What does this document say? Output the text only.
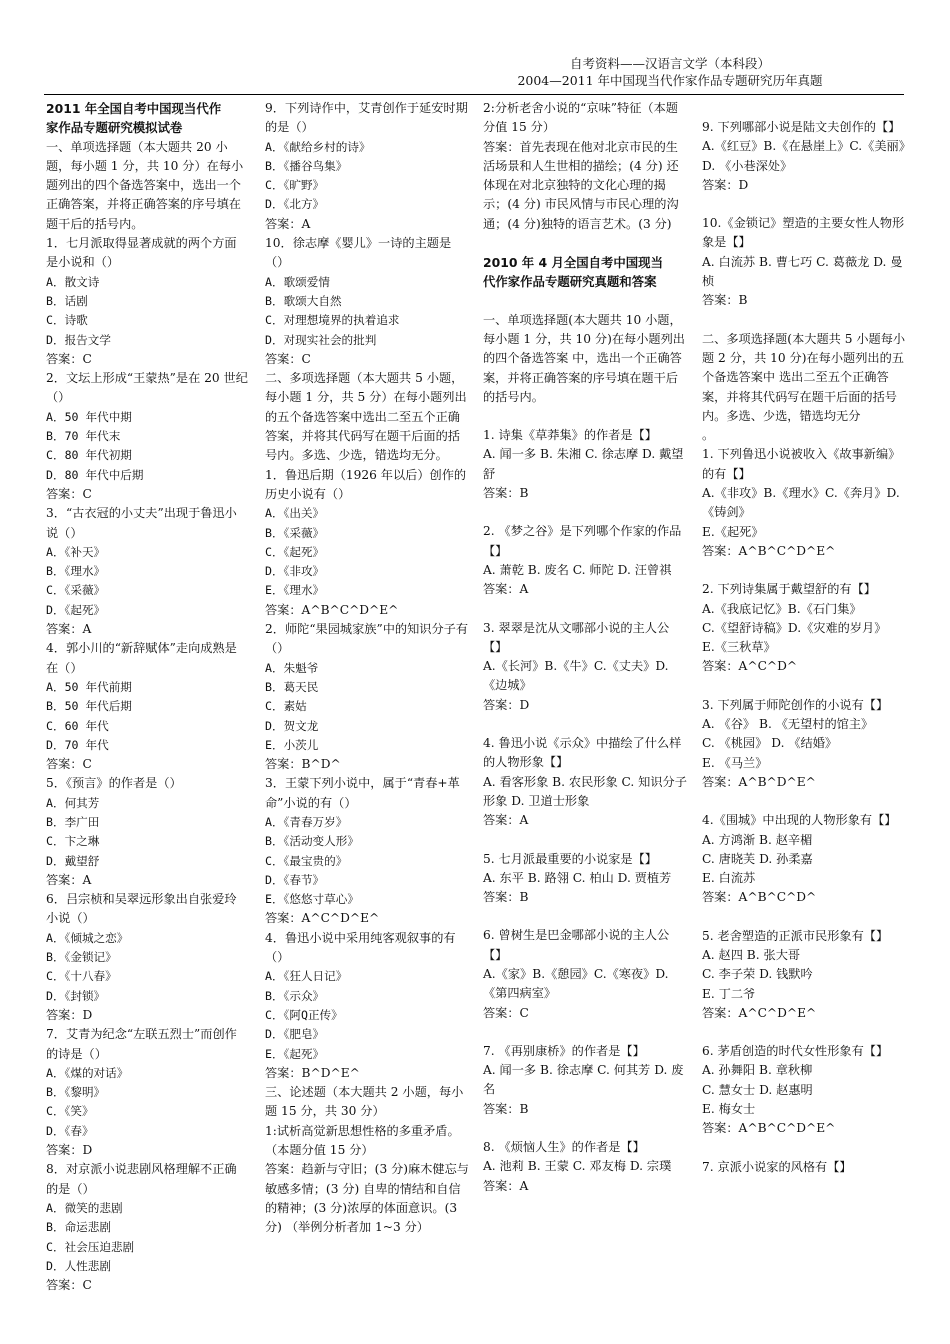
自考资料——汉语言文学（本科段）
2004—2011 年中国现当代作家作品专题研究历年真题

2011 年全国自考中国现当代作

家作品专题研究模拟试卷

一、单项选择题（本大题共 20 小题，每小题 1 分，共 10 分）在每小题列出的四个备选答案中，选出一个正确答案，并将正确答案的序号填在题干后的括号内。

1．七月派取得显著成就的两个方面是小说和（）

A．散文诗

B．话剧

C．诗歌

D．报告文学

答案：C

2．文坛上形成“王蒙热”是在 20 世纪（）

A．50 年代中期

B．70 年代末

C．80 年代初期

D．80 年代中后期

答案：C

3．“古衣冠的小丈夫”出现于鲁迅小说（）

A．《补天》

B．《理水》

C．《采薇》

D．《起死》

答案：A

4．郭小川的“新辞赋体”走向成熟是在（）

A．50 年代前期

B．50 年代后期

C．60 年代

D．70 年代

答案：C

5．《预言》的作者是（）

A．何其芳

B．李广田

C．卞之琳

D．戴望舒

答案：A

6．吕宗桢和吴翠远形象出自张爱玲小说（）

A．《倾城之恋》

B．《金锁记》

C．《十八春》

D．《封锁》

答案：D

7．艾青为纪念“左联五烈士”而创作的诗是（）

A．《煤的对话》

B．《黎明》

C．《笑》

D．《春》

答案：D

8．对京派小说悲剧风格理解不正确的是（）

A．微笑的悲剧

B．命运悲剧

C．社会压迫悲剧

D．人性悲剧

答案：C

9．下列诗作中，艾青创作于延安时期的是（）

A．《献给乡村的诗》

B．《播谷鸟集》

C．《旷野》

D．《北方》

答案：A

10．徐志摩《婴儿》一诗的主题是（）

A．歌颂爱情

B．歌颂大自然

C．对理想境界的执着追求

D．对现实社会的批判

答案：C

二、多项选择题（本大题共 5 小题，每小题 1 分，共 5 分）在每小题列出的五个备选答案中选出二至五个正确答案，并将其代码写在题干后面的括号内。多选、少选，错选均无分。

1．鲁迅后期（1926 年以后）创作的历史小说有（）

A．《出关》

B．《采薇》

C．《起死》

D．《非攻》

E．《理水》

答案：A^B^C^D^E^

2．师陀“果园城家族”中的知识分子有（）

A．朱魁爷

B．葛天民

C．素姑

D．贺文龙

E．小茨儿

答案：B^D^

3．王蒙下列小说中，属于“青春+革命”小说的有（）

A．《青春万岁》

B．《活动变人形》

C．《最宝贵的》

D．《春节》

E．《悠悠寸草心》

答案：A^C^D^E^

4．鲁迅小说中采用纯客观叙事的有（）

A．《狂人日记》

B．《示众》

C．《阿Q正传》

D．《肥皂》

E．《起死》

答案：B^D^E^

三、论述题（本大题共 2 小题，每小题 15 分，共 30 分）

1:试析高觉新思想性格的多重矛盾。（本题分值 15 分）

答案：趋新与守旧；(3 分)麻木健忘与敏感多情；(3 分) 自卑的情结和自信的精神；(3 分)浓厚的体面意识。(3 分) （举例分析者加 1~3 分）

2:分析老舍小说的“京味”特征（本题分值 15 分）

答案：首先表现在他对北京市民的生活场景和人生世相的描绘；(4 分) 还体现在对北京独特的文化心理的揭示；(4 分) 市民风情与市民心理的沟通；(4 分)独特的语言艺术。(3 分)

2010 年 4 月全国自考中国现当

代作家作品专题研究真题和答案

一、单项选择题(本大题共 10 小题，每小题 1 分，共 10 分)在每小题列出的四个备选答案 中，选出一个正确答案，并将正确答案的序号填在题干后的括号内。

1. 诗集《草莽集》的作者是【】

A. 闻一多 B. 朱湘 C. 徐志摩 D. 戴望舒

答案：B

2. 《梦之谷》是下列哪个作家的作品【】

A. 萧乾 B. 废名 C. 师陀 D. 汪曾祺

答案：A

3. 翠翠是沈从文哪部小说的主人公【】

A.《长河》B.《牛》C.《丈夫》D.《边城》

答案：D

4. 鲁迅小说《示众》中描绘了什么样的人物形象【】

A. 看客形象 B. 农民形象 C. 知识分子形象 D. 卫道士形象

答案：A

5. 七月派最重要的小说家是【】

A. 东平 B. 路翎 C. 柏山 D. 贾植芳

答案：B

6. 曾树生是巴金哪部小说的主人公【】

A.《家》B.《憩园》C.《寒夜》D.《第四病室》

答案：C

7. 《再别康桥》的作者是【】

A. 闻一多 B. 徐志摩 C. 何其芳 D. 废名

答案：B

8. 《烦恼人生》的作者是【】

A. 池莉 B. 王蒙 C. 邓友梅 D. 宗璞

答案：A

9. 下列哪部小说是陆文夫创作的【】

A.《红豆》B.《在悬崖上》C.《美丽》D. 《小巷深处》

答案：D

10.《金锁记》塑造的主要女性人物形象是【】

A. 白流苏 B. 曹七巧 C. 葛薇龙 D. 曼桢

答案：B

二、多项选择题(本大题共 5 小题每小题 2 分，共 10 分)在每小题列出的五个备选答案中 选出二至五个正确答案，并将其代码写在题干后面的括号内。多选、少选，错选均无分

。

1. 下列鲁迅小说被收入《故事新编》的有【】

A.《非攻》B.《理水》C.《奔月》D.《铸剑》

E.《起死》

答案：A^B^C^D^E^

2. 下列诗集属于戴望舒的有【】

A.《我底记忆》B.《石门集》

C.《望舒诗稿》D.《灾难的岁月》

E.《三秋草》

答案：A^C^D^

3. 下列属于师陀创作的小说有【】

A. 《谷》 B. 《无望村的馆主》

C. 《桃园》 D. 《结婚》

E. 《马兰》

答案：A^B^D^E^

4.《围城》中出现的人物形象有【】

A. 方鸿渐 B. 赵辛楣

C. 唐晓芙 D. 孙柔嘉

E. 白流苏

答案：A^B^C^D^

5. 老舍塑造的正派市民形象有【】

A. 赵四 B. 张大哥

C. 李子荣 D. 钱默吟

E. 丁二爷

答案：A^C^D^E^

6. 茅盾创造的时代女性形象有【】

A. 孙舞阳 B. 章秋柳

C. 慧女士 D. 赵惠明

E. 梅女士

答案：A^B^C^D^E^

7. 京派小说家的风格有【】
